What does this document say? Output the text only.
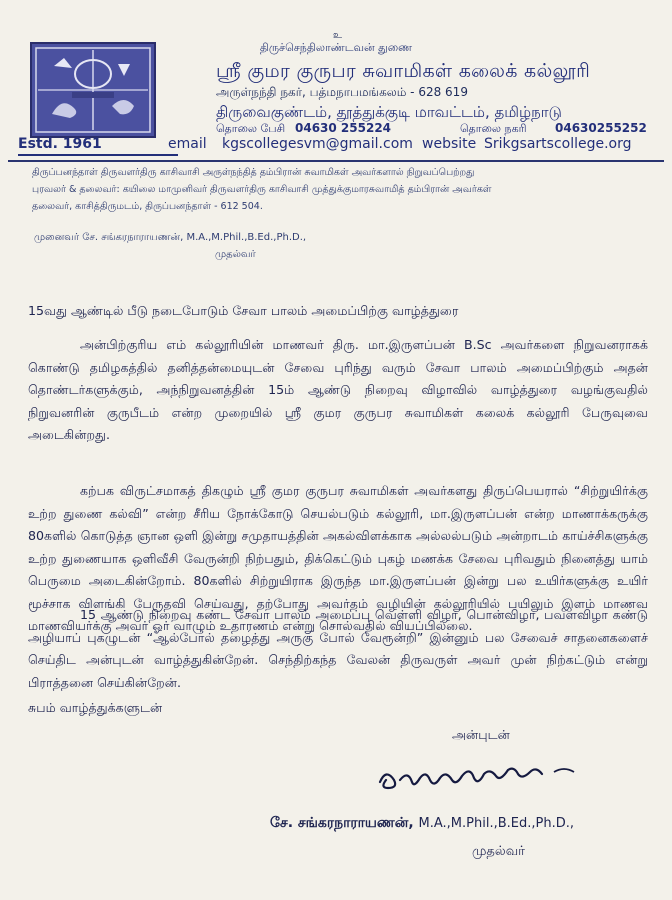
உ
திருச்செந்திலாண்டவன் துணை
ஸ்ரீ குமர குருபர சுவாமிகள் கலைக் கல்லூரி
அருள்நந்தி நகர், பத்மநாபமங்கலம் - 628 619
திருவைகுண்டம், தூத்துக்குடி மாவட்டம், தமிழ்நாடு
தொலை பேசி 04630 255224	தொலை நகரி 04630255252
Estd. 1961	email kgscollegesvm@gmail.com website Srikgsartscollege.org
திருப்பனந்தாள் திருவளர்திரு காசிவாசி அருள்நந்தித் தம்பிரான் சுவாமிகள் அவர்களால் நிறுவப்பெற்றது
புரவலர் & தலைவர்: கயிலை மாமுனிவர் திருவளர்திரு காசிவாசி முத்துக்குமாரசுவாமித் தம்பிரான் அவர்கள்
தலைவர், காசித்திருமடம், திருப்பனந்தாள் - 612 504.
முனைவர் சே. சங்கரநாராயணன், M.A.,M.Phil.,B.Ed.,Ph.D.,
முதல்வர்
15வது ஆண்டில் பீடு நடைபோடும் சேவா பாலம் அமைப்பிற்கு வாழ்த்துரை
அன்பிற்குரிய எம் கல்லூரியின் மாணவர் திரு. மா.இருளப்பன் B.Sc அவர்களை நிறுவனராகக் கொண்டு தமிழகத்தில் தனித்தன்மையுடன் சேவை புரிந்து வரும் சேவா பாலம் அமைப்பிற்கும் அதன் தொண்டர்களுக்கும், அந்நிறுவனத்தின் 15ம் ஆண்டு நிறைவு விழாவில் வாழ்த்துரை வழங்குவதில் நிறுவனரின் குருபீடம் என்ற முறையில் ஸ்ரீ குமர குருபர சுவாமிகள் கலைக் கல்லூரி பேருவுவை அடைகின்றது.
கற்பக விருட்சமாகத் திகழும் ஸ்ரீ குமர குருபர சுவாமிகள் அவர்களது திருப்பெயரால் “சிற்றுயிர்க்கு உற்ற துணை கல்வி” என்ற சீரிய நோக்கோடு செயல்படும் கல்லூரி, மா.இருளப்பன் என்ற மாணாக்கருக்கு 80களில் கொடுத்த ஞான ஒளி இன்று சமுதாயத்தின் அகல்விளக்காக அல்லல்படும் அன்றாடம் காய்ச்சிகளுக்கு உற்ற துணையாக ஒளிவீசி வேருன்றி நிற்பதும், திக்கெட்டும் புகழ் மணக்க சேவை புரிவதும் நினைத்து யாம் பெருமை அடைகின்றோம். 80களில் சிற்றுயிராக இருந்த மா.இருளப்பன் இன்று பல உயிர்களுக்கு உயிர் மூச்சாக விளங்கி பேருதவி செய்வது, தற்போது அவர்தம் வழியின் கல்லூரியில் பயிலும் இளம் மாணவ மாணவியர்க்கு அவர் ஓர் வாழும் உதாரணம் என்று சொல்வதில் வியப்பில்லை.
15 ஆண்டு நிறைவு கண்ட சேவா பாலம் அமைப்பு வெள்ளி விழா, பொன்விழா, பவளவிழா கண்டு அழியாப் புகழுடன் “ஆல்போல் தழைத்து அருகு போல் வேரூன்றி” இன்னும் பல சேவைச் சாதனைகளைச் செய்திட அன்புடன் வாழ்த்துகின்றேன். செந்திற்கந்த வேலன் திருவருள் அவர் முன் நிற்கட்டும் என்று பிராத்தனை செய்கின்றேன்.
சுபம் வாழ்த்துக்களுடன்
அன்புடன்
சே. சங்கரநாராயணன், M.A.,M.Phil.,B.Ed.,Ph.D.,
முதல்வர்
